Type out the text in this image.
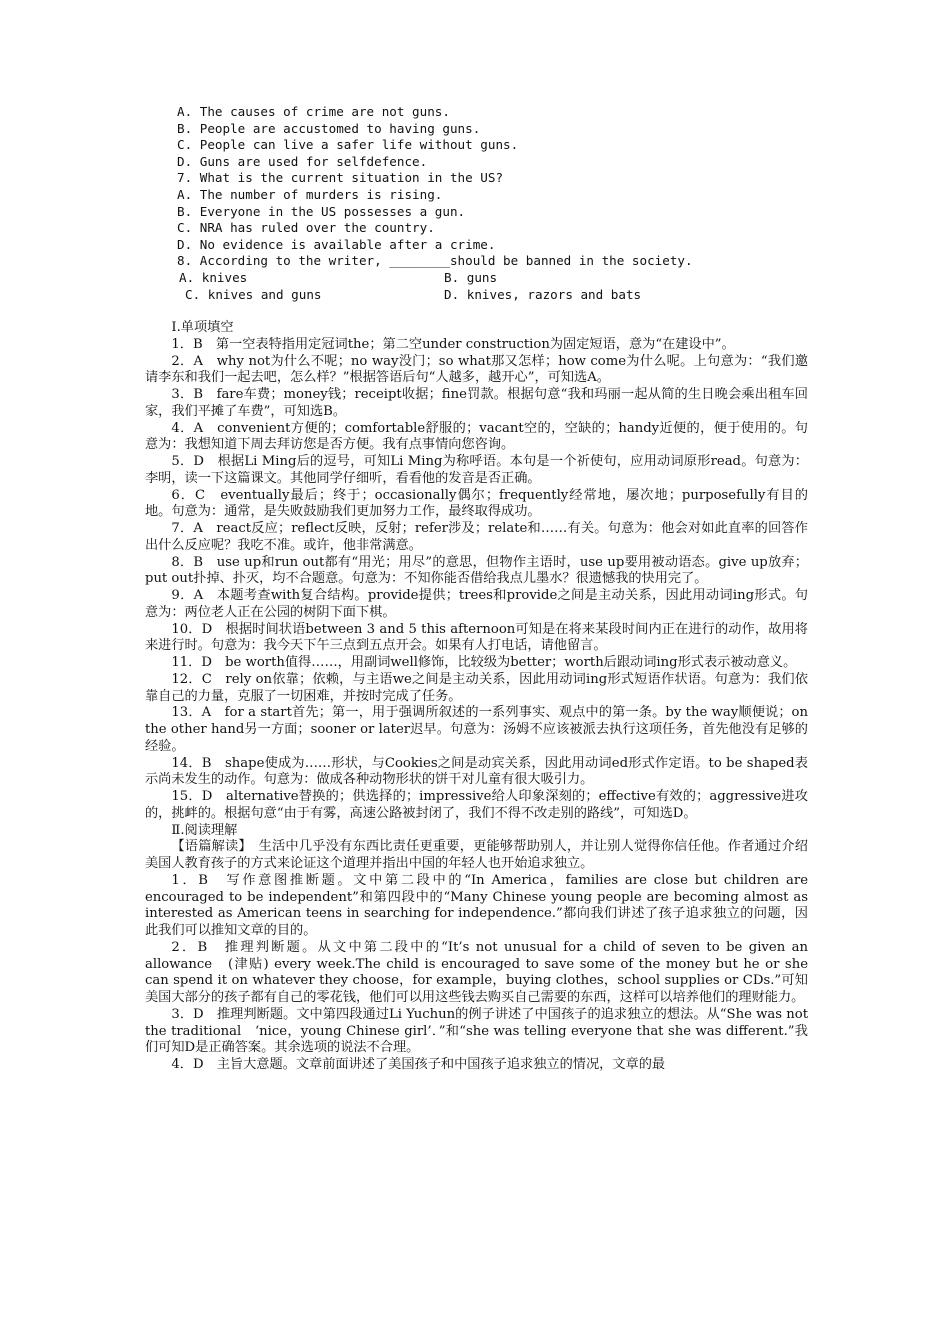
A. The causes of crime are not guns.
B. People are accustomed to having guns.
C. People can live a safer life without guns.
D. Guns are used for selfdefence.
7. What is the current situation in the US?
A. The number of murders is rising.
B. Everyone in the US possesses a gun.
C. NRA has ruled over the country.
D. No evidence is available after a crime.
8. According to the writer, ________should be banned in the society.
A. knives	B. guns
C. knives and guns	D. knives, razors and bats

Ⅰ.单项填空

1．B　第一空表特指用定冠词the；第二空under construction为固定短语，意为“在建设中”。

2．A　why not为什么不呢；no way没门；so what那又怎样；how come为什么呢。上句意为：“我们邀请李东和我们一起去吧，怎么样？”根据答语后句“人越多，越开心”，可知选A。

3．B　fare车费；money钱；receipt收据；fine罚款。根据句意“我和玛丽一起从简的生日晚会乘出租车回家，我们平摊了车费”，可知选B。

4．A　convenient方便的；comfortable舒服的；vacant空的，空缺的；handy近便的，便于使用的。句意为：我想知道下周去拜访您是否方便。我有点事情向您咨询。

5．D　根据Li Ming后的逗号，可知Li Ming为称呼语。本句是一个祈使句，应用动词原形read。句意为：李明，读一下这篇课文。其他同学仔细听，看看他的发音是否正确。

6．C　eventually最后；终于；occasionally偶尔；frequently经常地，屡次地；purposefully有目的地。句意为：通常，是失败鼓励我们更加努力工作，最终取得成功。

7．A　react反应；reflect反映，反射；refer涉及；relate和……有关。句意为：他会对如此直率的回答作出什么反应呢？我吃不准。或许，他非常满意。

8．B　use up和run out都有“用光；用尽”的意思，但物作主语时，use up要用被动语态。give up放弃；put out扑掉、扑灭，均不合题意。句意为：不知你能否借给我点儿墨水？很遗憾我的快用完了。

9．A　本题考查with复合结构。provide提供；trees和provide之间是主动关系，因此用动词ing形式。句意为：两位老人正在公园的树阴下面下棋。

10．D　根据时间状语between 3 and 5 this afternoon可知是在将来某段时间内正在进行的动作，故用将来进行时。句意为：我今天下午三点到五点开会。如果有人打电话，请他留言。

11．D　be worth值得……，用副词well修饰，比较级为better；worth后跟动词ing形式表示被动意义。

12．C　rely on依靠；依赖，与主语we之间是主动关系，因此用动词ing形式短语作状语。句意为：我们依靠自己的力量，克服了一切困难，并按时完成了任务。

13．A　for a start首先；第一，用于强调所叙述的一系列事实、观点中的第一条。by the way顺便说；on the other hand另一方面；sooner or later迟早。句意为：汤姆不应该被派去执行这项任务，首先他没有足够的经验。

14．B　shape使成为……形状，与Cookies之间是动宾关系，因此用动词ed形式作定语。to be shaped表示尚未发生的动作。句意为：做成各种动物形状的饼干对儿童有很大吸引力。

15．D　alternative替换的；供选择的；impressive给人印象深刻的；effective有效的；aggressive进攻的，挑衅的。根据句意“由于有雾，高速公路被封闭了，我们不得不改走别的路线”，可知选D。

Ⅱ.阅读理解

【语篇解读】　生活中几乎没有东西比责任更重要，更能够帮助别人，并让别人觉得你信任他。作者通过介绍美国人教育孩子的方式来论证这个道理并指出中国的年轻人也开始追求独立。

1．B　写作意图推断题。文中第二段中的“In America，families are close but children are encouraged to be independent”和第四段中的“Many Chinese young people are becoming almost as interested as American teens in searching for independence.”都向我们讲述了孩子追求独立的问题，因此我们可以推知文章的目的。

2．B　推理判断题。从文中第二段中的“It’s not unusual for a child of seven to be given an allowance　(津贴) every week.The child is encouraged to save some of the money but he or she can spend it on whatever they choose，for example，buying clothes，school supplies or CDs.”可知美国大部分的孩子都有自己的零花钱，他们可以用这些钱去购买自己需要的东西，这样可以培养他们的理财能力。

3．D　推理判断题。文中第四段通过Li Yuchun的例子讲述了中国孩子的追求独立的想法。从“She was not the traditional　‘nice，young Chinese girl’．”和“she was telling everyone that she was different.”我们可知D是正确答案。其余选项的说法不合理。

4．D　主旨大意题。文章前面讲述了美国孩子和中国孩子追求独立的情况，文章的最
